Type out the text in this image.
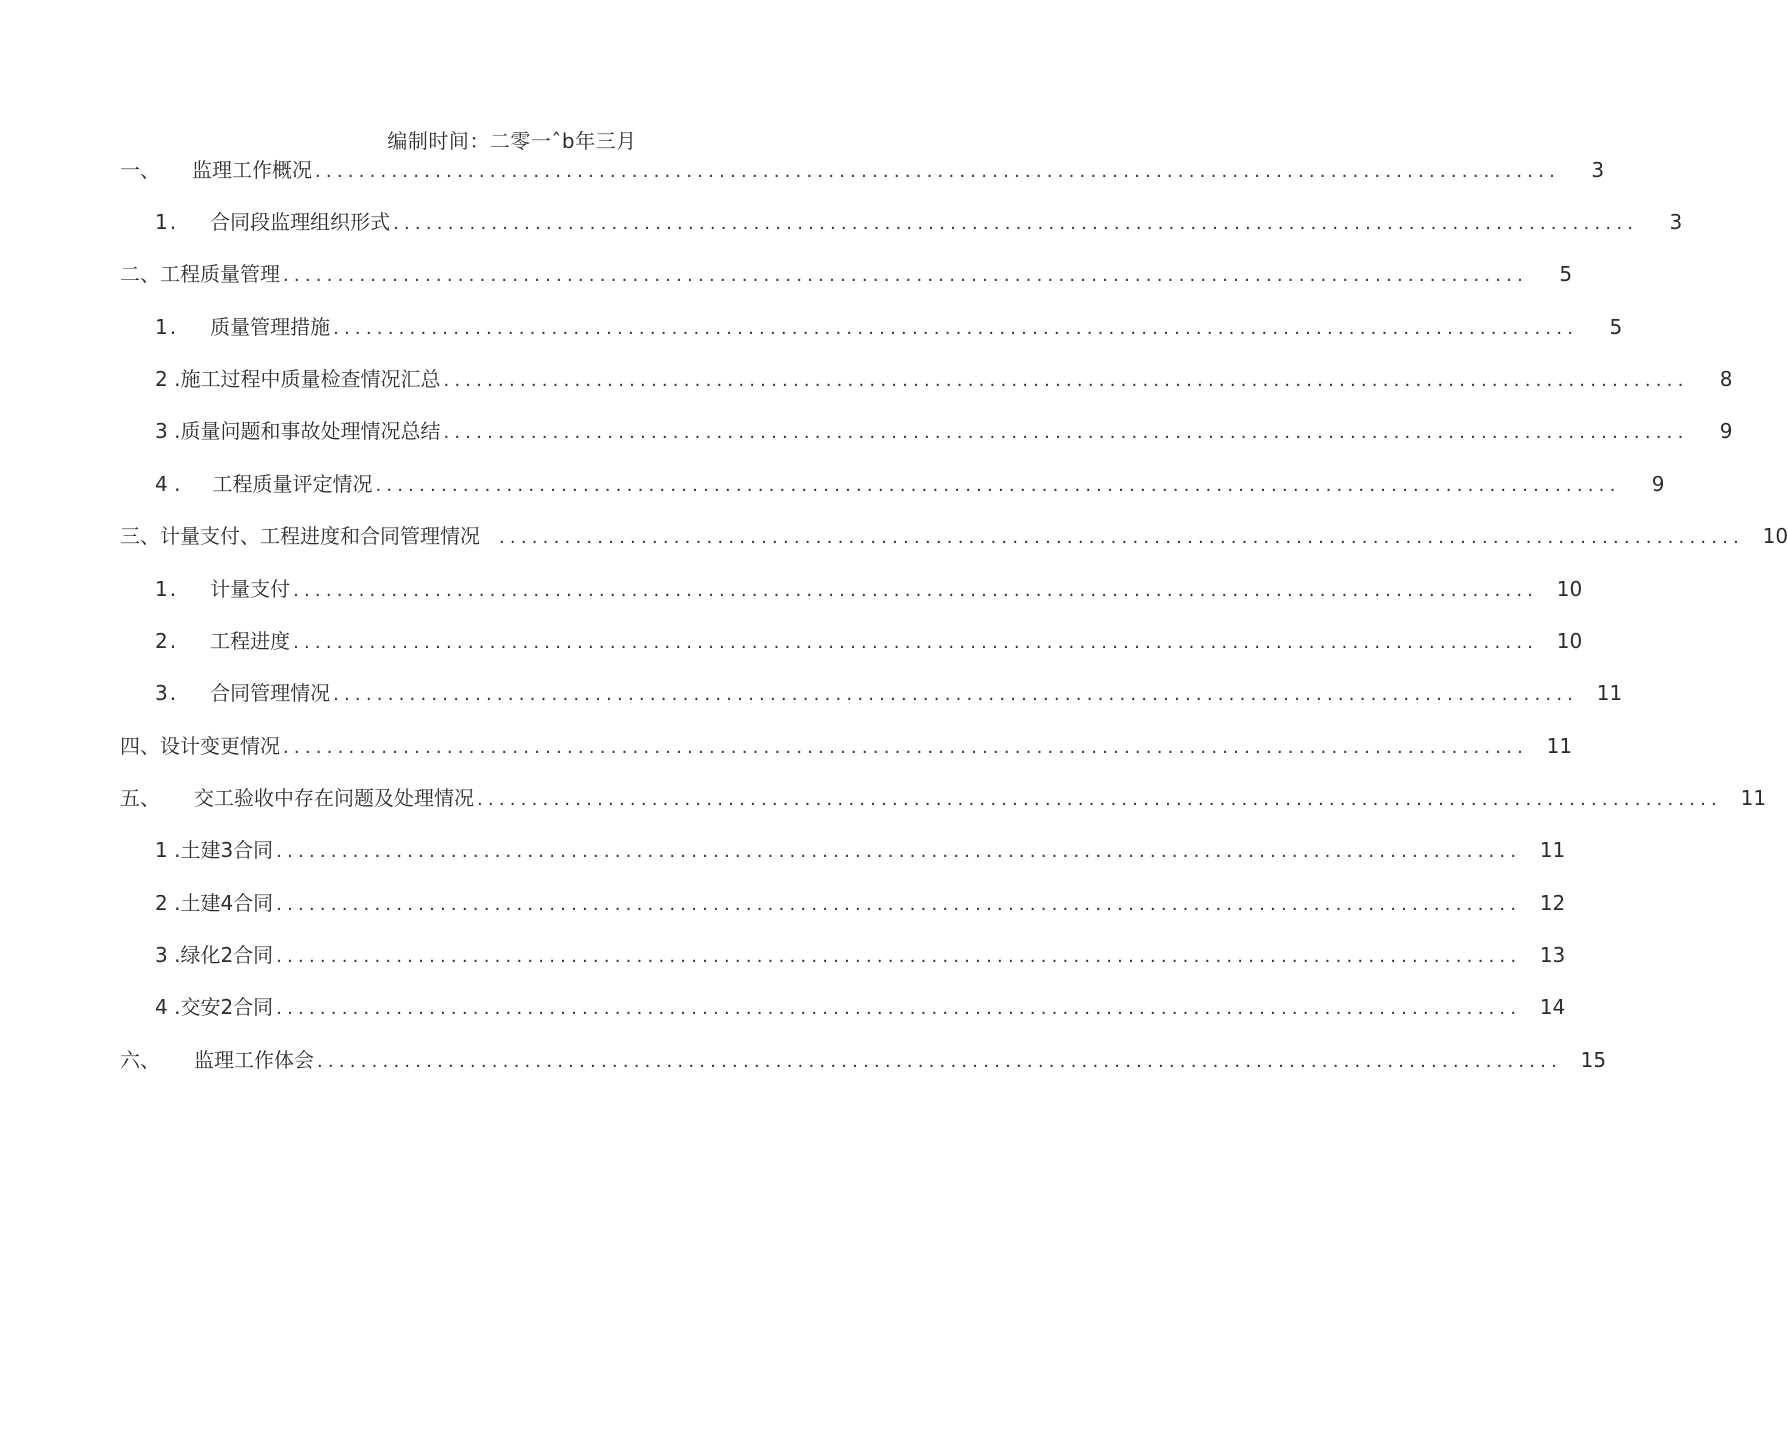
编制时间：二零一ˆb年三月
一、 监理工作概况 ..................................................................................................................	3
1. 合同段监理组织形式 ..................................................................................................................	3
二、工程质量管理 ..................................................................................................................	5
1. 质量管理措施 ..................................................................................................................	5
2 .施工过程中质量检查情况汇总 ..................................................................................................................	8
3 .质量问题和事故处理情况总结 ..................................................................................................................	9
4 . 工程质量评定情况 ..................................................................................................................	9
三、计量支付、工程进度和合同管理情况	.................................................................................................................. 10
1. 计量支付 .................................................................................................................. 10
2. 工程进度 .................................................................................................................. 10
3. 合同管理情况 .................................................................................................................. 11
四、设计变更情况 .................................................................................................................. 11
五、 交工验收中存在问题及处理情况 .................................................................................................................. 11
1 .土建3合同 .................................................................................................................. 11
2 .土建4合同 .................................................................................................................. 12
3 .绿化2合同 .................................................................................................................. 13
4 .交安2合同 .................................................................................................................. 14
六、 监理工作体会 .................................................................................................................. 15
